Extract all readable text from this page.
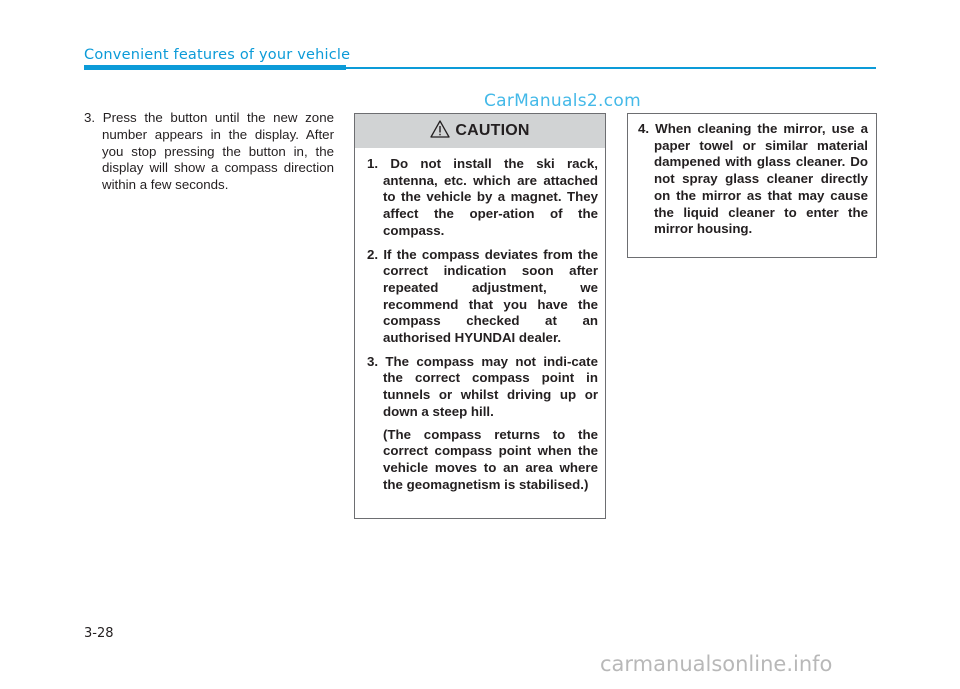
Convenient features of your vehicle
CarManuals2.com

3. Press the button until the new zone number appears in the display. After you stop pressing the button in, the display will show a compass direction within a few seconds.

CAUTION

1. Do not install the ski rack, antenna, etc. which are attached to the vehicle by a magnet. They affect the oper-ation of the compass.

2. If the compass deviates from the correct indication soon after repeated adjustment, we recommend that you have the compass checked at an authorised HYUNDAI dealer.

3. The compass may not indi-cate the correct compass point in tunnels or whilst driving up or down a steep hill.

(The compass returns to the correct compass point when the vehicle moves to an area where the geomagnetism is stabilised.)

4. When cleaning the mirror, use a paper towel or similar material dampened with glass cleaner. Do not spray glass cleaner directly on the mirror as that may cause the liquid cleaner to enter the mirror housing.

3-28
carmanualsonline.info
